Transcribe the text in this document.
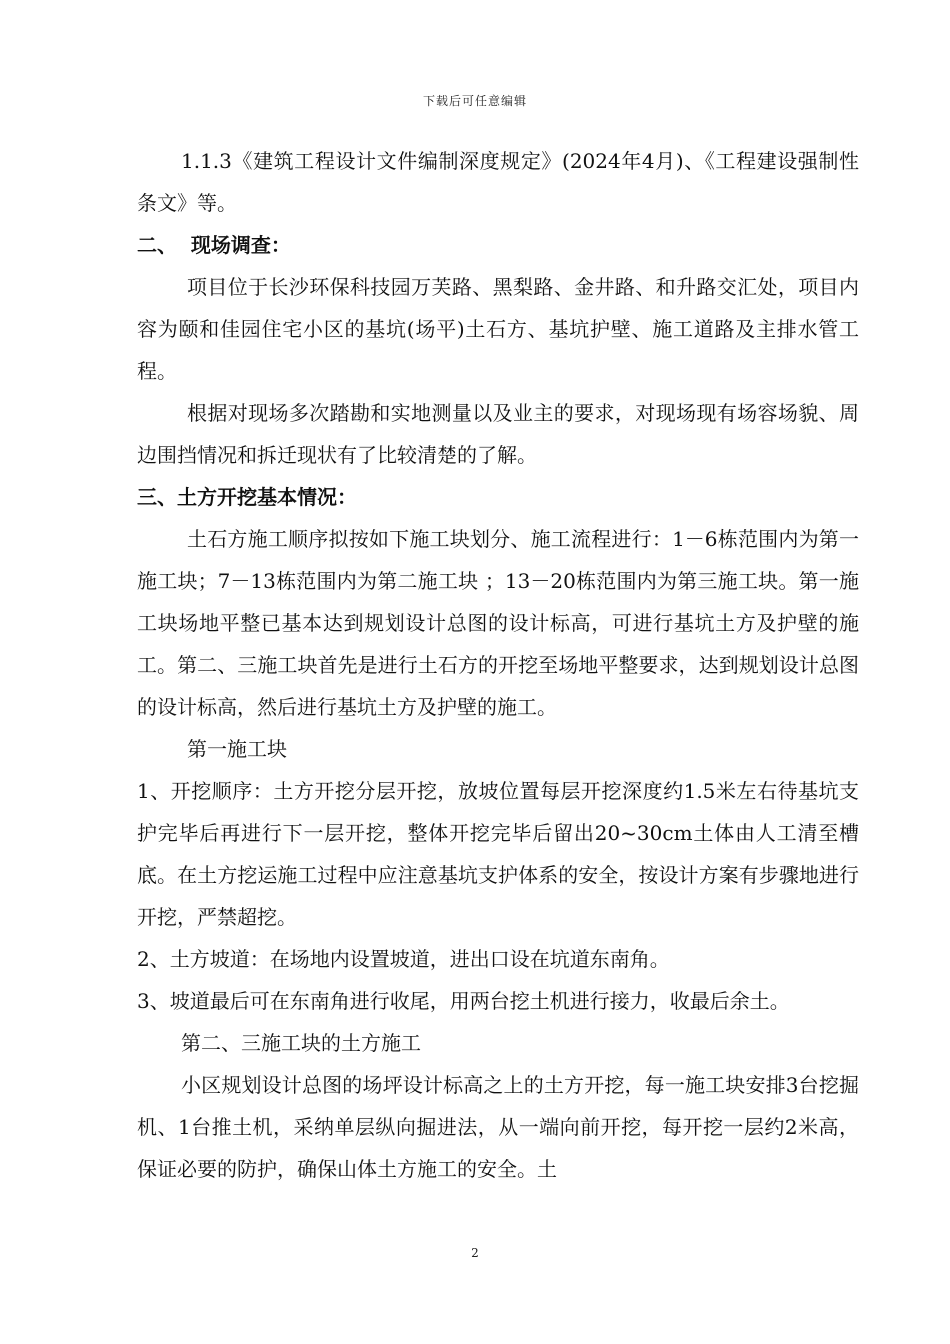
下载后可任意编辑

1.1.3《建筑工程设计文件编制深度规定》(2024年4月)、《工程建设强制性条文》等。

二、  现场调查：

项目位于长沙环保科技园万芙路、黑梨路、金井路、和升路交汇处，项目内容为颐和佳园住宅小区的基坑(场平)土石方、基坑护壁、施工道路及主排水管工程。

根据对现场多次踏勘和实地测量以及业主的要求，对现场现有场容场貌、周边围挡情况和拆迁现状有了比较清楚的了解。

三、土方开挖基本情况：

土石方施工顺序拟按如下施工块划分、施工流程进行：1－6栋范围内为第一施工块；7－13栋范围内为第二施工块 ；13－20栋范围内为第三施工块。第一施工块场地平整已基本达到规划设计总图的设计标高，可进行基坑土方及护壁的施工。第二、三施工块首先是进行土石方的开挖至场地平整要求，达到规划设计总图的设计标高，然后进行基坑土方及护壁的施工。

第一施工块

1、开挖顺序：土方开挖分层开挖，放坡位置每层开挖深度约1.5米左右待基坑支护完毕后再进行下一层开挖，整体开挖完毕后留出20~30cm土体由人工清至槽底。在土方挖运施工过程中应注意基坑支护体系的安全，按设计方案有步骤地进行开挖，严禁超挖。

2、土方坡道：在场地内设置坡道，进出口设在坑道东南角。

3、坡道最后可在东南角进行收尾，用两台挖土机进行接力，收最后余土。

第二、三施工块的土方施工

小区规划设计总图的场坪设计标高之上的土方开挖，每一施工块安排3台挖掘机、1台推土机，采纳单层纵向掘进法，从一端向前开挖，每开挖一层约2米高，保证必要的防护，确保山体土方施工的安全。土

2
